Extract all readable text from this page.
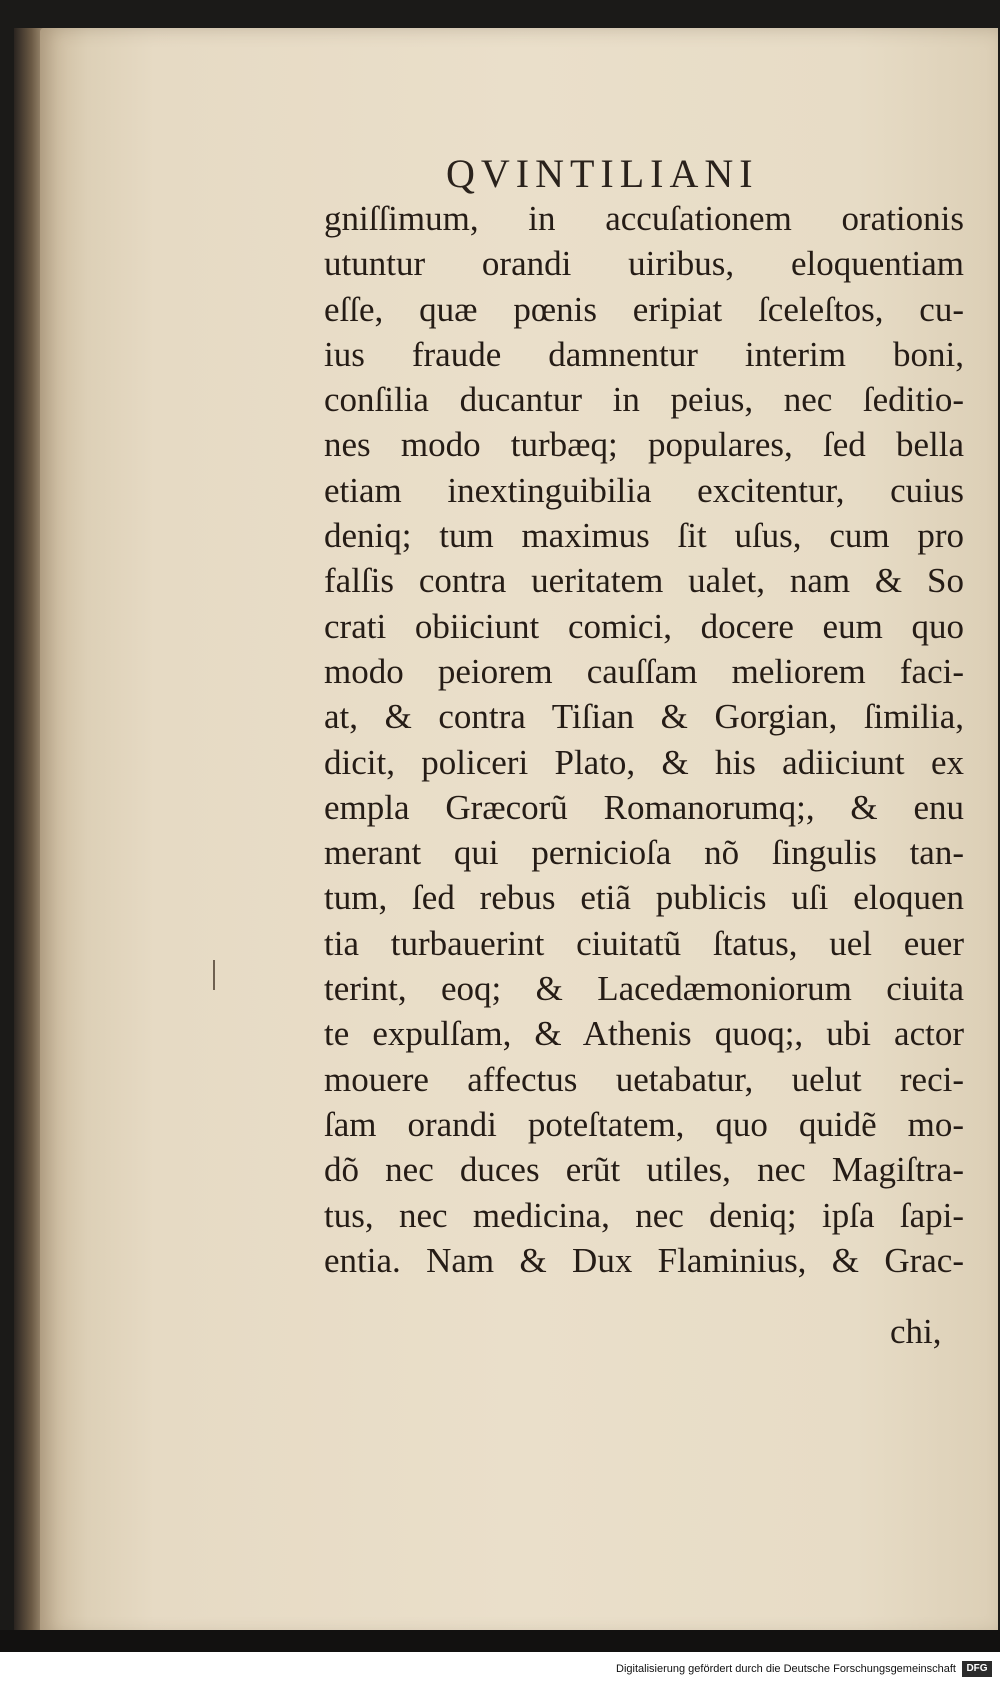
QVINTILIANI
gniſſimum, in accuſationem orationis
utuntur orandi uiribus, eloquentiam
eſſe, quæ pœnis eripiat ſceleſtos, cu-
ius fraude damnentur interim boni,
conſilia ducantur in peius, nec ſeditio-
nes modo turbæq; populares, ſed bella
etiam inextinguibilia excitentur, cuius
deniq; tum maximus ſit uſus, cum pro
falſis contra ueritatem ualet, nam & So
crati obiiciunt comici, docere eum quo
modo peiorem cauſſam meliorem faci-
at, & contra Tiſian & Gorgian, ſimilia,
dicit, policeri Plato, & his adiiciunt ex
empla Græcorũ Romanorumq;, & enu
merant qui pernicioſa nõ ſingulis tan-
tum, ſed rebus etiã publicis uſi eloquen
tia turbauerint ciuitatũ ſtatus, uel euer
terint, eoq; & Lacedæmoniorum ciuita
te expulſam, & Athenis quoq;, ubi actor
mouere affectus uetabatur, uelut reci-
ſam orandi poteſtatem, quo quidẽ mo-
dõ nec duces erũt utiles, nec Magiſtra-
tus, nec medicina, nec deniq; ipſa ſapi-
entia. Nam & Dux Flaminius, & Grac-
chi,
Digitalisierung gefördert durch die Deutsche Forschungsgemeinschaft	DFG
